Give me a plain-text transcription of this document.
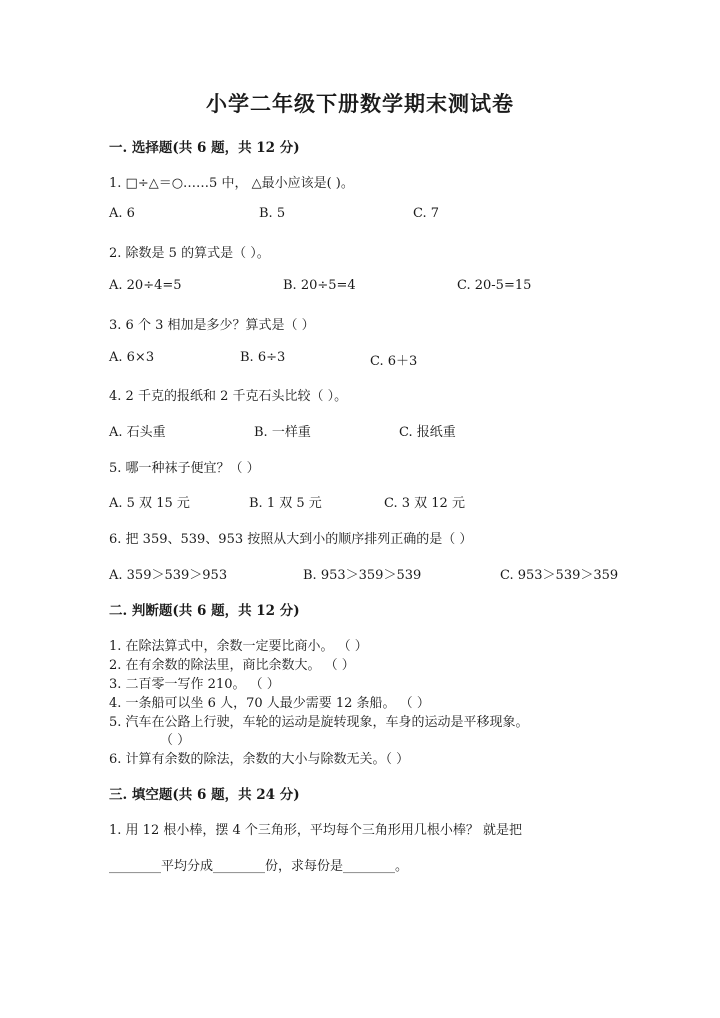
小学二年级下册数学期末测试卷
一. 选择题(共 6 题，共 12 分)
1. □÷△＝○……5 中， △最小应该是( )。
A. 6	B. 5	C. 7
2. 除数是 5 的算式是（ ）。
A. 20÷4=5	B. 20÷5=4	C. 20-5=15
3. 6 个 3 相加是多少？算式是（ ）
A. 6×3	B. 6÷3	C. 6＋3
4. 2 千克的报纸和 2 千克石头比较（ ）。
A. 石头重	B. 一样重	C. 报纸重
5. 哪一种袜子便宜？（ ）
A. 5 双 15 元	B. 1 双 5 元	C. 3 双 12 元
6. 把 359、539、953 按照从大到小的顺序排列正确的是（ ）
A. 359＞539＞953	B. 953＞359＞539	C. 953＞539＞359
二. 判断题(共 6 题，共 12 分)
1. 在除法算式中，余数一定要比商小。 （ ）
2. 在有余数的除法里，商比余数大。 （ ）
3. 二百零一写作 210。 （ ）
4. 一条船可以坐 6 人，70 人最少需要 12 条船。 （ ）
5. 汽车在公路上行驶，车轮的运动是旋转现象，车身的运动是平移现象。
（ ）
6. 计算有余数的除法，余数的大小与除数无关。（ ）
三. 填空题(共 6 题，共 24 分)
1. 用 12 根小棒，摆 4 个三角形，平均每个三角形用几根小棒？ 就是把
________平均分成________份，求每份是________。
